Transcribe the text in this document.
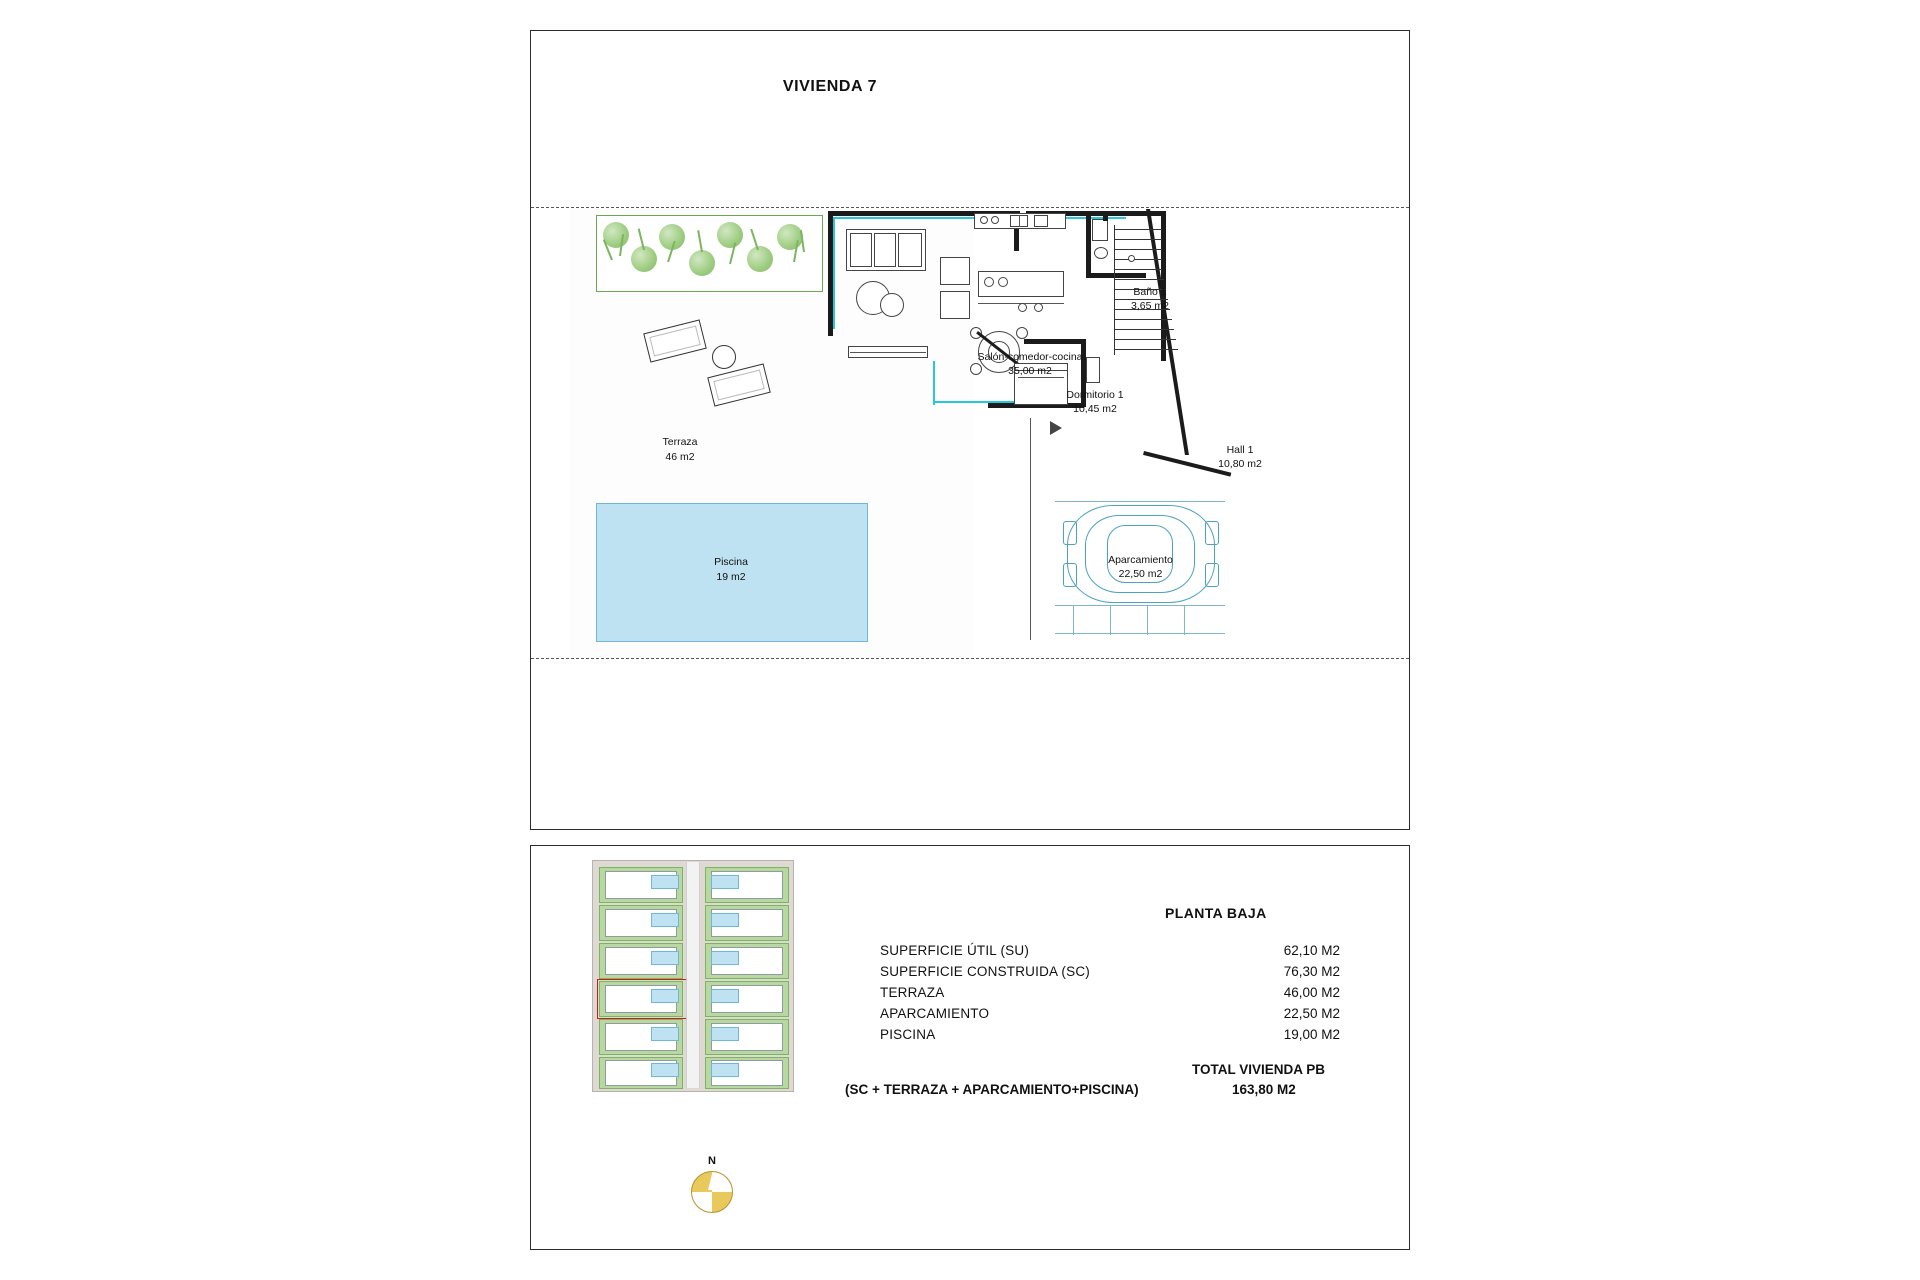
VIVIENDA 7
Terraza
46 m2
Piscina
19 m2
Salón-comedor-cocina
35,00 m2
Baño 1
3,65 m2
Dormitorio 1
10,45 m2
Hall 1
10,80 m2
Aparcamiento
22,50 m2
N
PLANTA BAJA
SUPERFICIE ÚTIL (SU)	62,10 M2
SUPERFICIE CONSTRUIDA (SC)	76,30 M2
TERRAZA	46,00 M2
APARCAMIENTO	22,50 M2
PISCINA	19,00 M2
TOTAL VIVIENDA PB
163,80 M2
(SC + TERRAZA + APARCAMIENTO+PISCINA)
